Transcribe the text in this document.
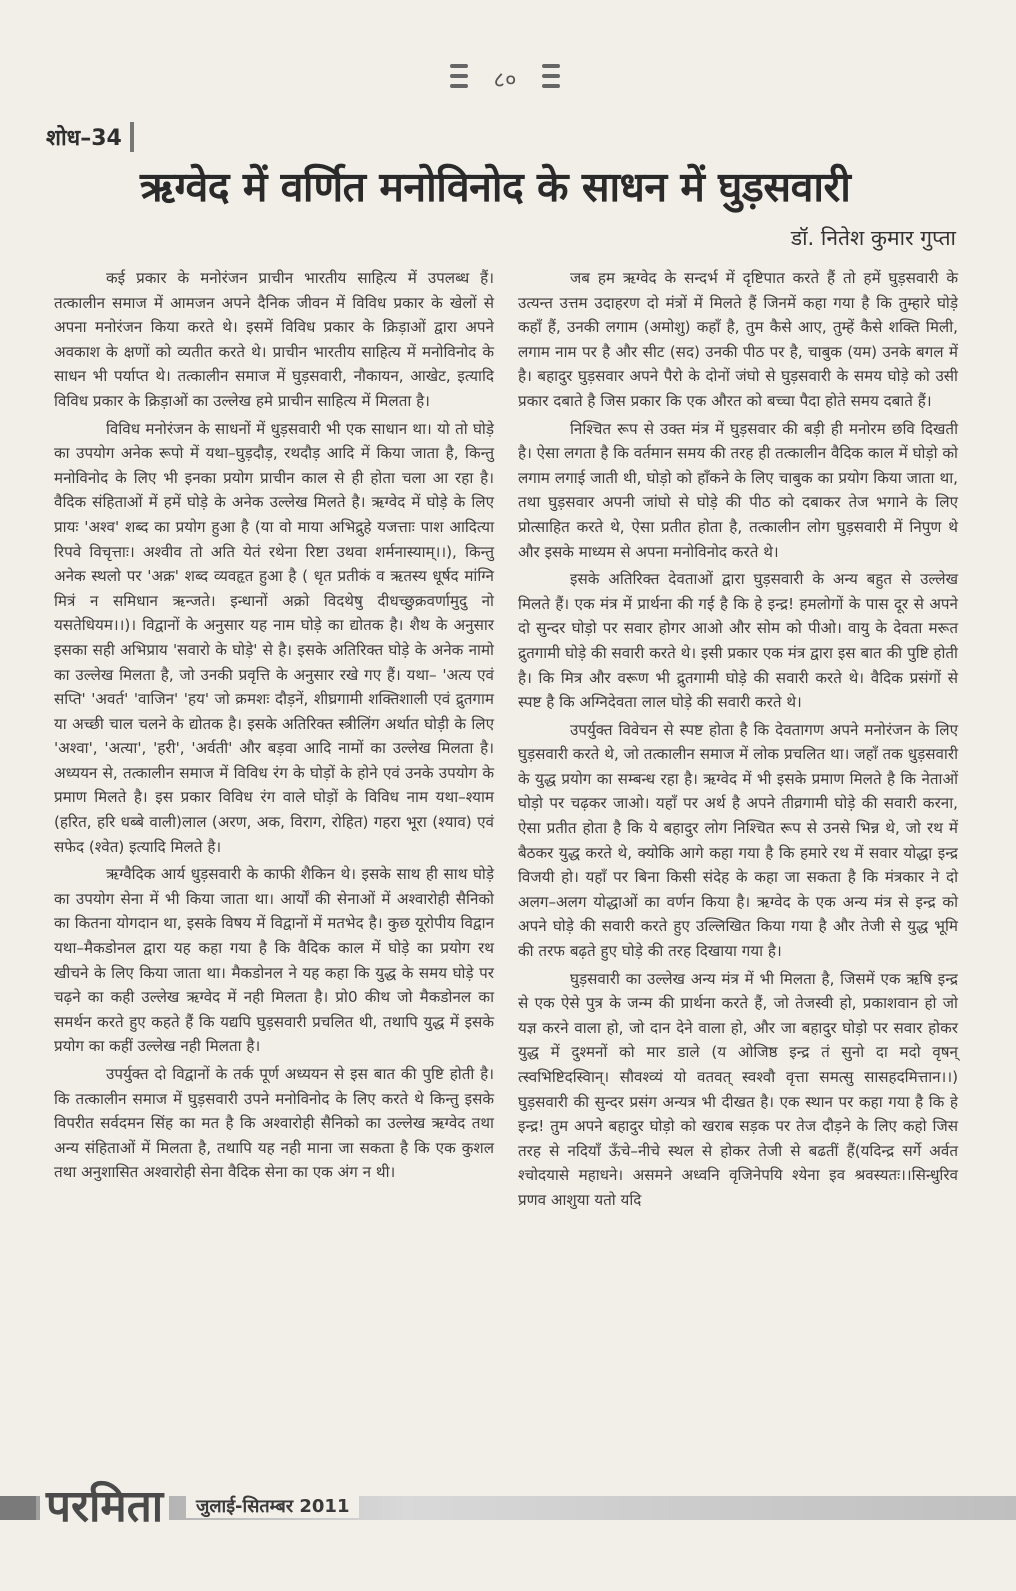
८०
शोध–34
ऋग्वेद में वर्णित मनोविनोद के साधन में घुड़सवारी
डॉ. नितेश कुमार गुप्ता

कई प्रकार के मनोरंजन प्राचीन भारतीय साहित्य में उपलब्ध हैं। तत्कालीन समाज में आमजन अपने दैनिक जीवन में विविध प्रकार के खेलों से अपना मनोरंजन किया करते थे। इसमें विविध प्रकार के क्रिड़ाओं द्वारा अपने अवकाश के क्षणों को व्यतीत करते थे। प्राचीन भारतीय साहित्य में मनोविनोद के साधन भी पर्याप्त थे। तत्कालीन समाज में घुड़सवारी, नौकायन, आखेट, इत्यादि विविध प्रकार के क्रिड़ाओं का उल्लेख हमे प्राचीन साहित्य में मिलता है।

विविध मनोरंजन के साधनों में धुड़सवारी भी एक साधान था। यो तो घोड़े का उपयोग अनेक रूपो में यथा–घुड़दौड़, रथदौड़ आदि में किया जाता है, किन्तु मनोविनोद के लिए भी इनका प्रयोग प्राचीन काल से ही होता चला आ रहा है। वैदिक संहिताओं में हमें घोड़े के अनेक उल्लेख मिलते है। ऋग्वेद में घोड़े के लिए प्रायः 'अश्व' शब्द का प्रयोग हुआ है (या वो माया अभिद्रुहे यजत्ताः पाश आदित्या रिपवे विचृत्ताः। अश्वीव तो अति येतं रथेना रिष्टा उथवा शर्मनास्याम्।।), किन्तु अनेक स्थलो पर 'अक्र' शब्द व्यवहृत हुआ है ( धृत प्रतीकं व ऋतस्य धूर्षद मांग्नि मित्रं न समिधान ऋन्जते। इन्धानों अक्रो विदथेषु दीधच्छुक्रवर्णामुदु नो यसतेधियम।।)। विद्वानों के अनुसार यह नाम घोड़े का द्योतक है। शैथ के अनुसार इसका सही अभिप्राय 'सवारो के घोड़े' से है। इसके अतिरिक्त घोड़े के अनेक नामो का उल्लेख मिलता है, जो उनकी प्रवृत्ति के अनुसार रखे गए हैं। यथा– 'अत्य एवं सप्ति' 'अवर्त' 'वाजिन' 'हय' जो क्रमशः दौड़नें, शीघ्रगामी शक्तिशाली एवं द्रुतगाम या अच्छी चाल चलने के द्योतक है। इसके अतिरिक्त स्त्रीलिंग अर्थात घोड़ी के लिए 'अश्वा', 'अत्या', 'हरी', 'अर्वती' और बड़वा आदि नामों का उल्लेख मिलता है। अध्ययन से, तत्कालीन समाज में विविध रंग के घोड़ों के होने एवं उनके उपयोग के प्रमाण मिलते है। इस प्रकार विविध रंग वाले घोड़ों के विविध नाम यथा–श्याम (हरित, हरि धब्बे वाली)लाल (अरण, अक, विराग, रोहित) गहरा भूरा (श्याव) एवं सफेद (श्वेत) इत्यादि मिलते है।

ऋग्वैदिक आर्य धुड़सवारी के काफी शैकिन थे। इसके साथ ही साथ घोड़े का उपयोग सेना में भी किया जाता था। आर्यों की सेनाओं में अश्वारोही सैनिको का कितना योगदान था, इसके विषय में विद्वानों में मतभेद है। कुछ यूरोपीय विद्वान यथा–मैकडोनल द्वारा यह कहा गया है कि वैदिक काल में घोड़े का प्रयोग रथ खीचने के लिए किया जाता था। मैकडोनल ने यह कहा कि युद्ध के समय घोड़े पर चढ़ने का कही उल्लेख ऋग्वेद में नही मिलता है। प्रो0 कीथ जो मैकडोनल का समर्थन करते हुए कहते हैं कि यद्यपि घुड़सवारी प्रचलित थी, तथापि युद्ध में इसके प्रयोग का कहीं उल्लेख नही मिलता है।

उपर्युक्त दो विद्वानों के तर्क पूर्ण अध्ययन से इस बात की पुष्टि होती है। कि तत्कालीन समाज में घुड़सवारी उपने मनोविनोद के लिए करते थे किन्तु इसके विपरीत सर्वदमन सिंह का मत है कि अश्वारोही सैनिको का उल्लेख ऋग्वेद तथा अन्य संहिताओं में मिलता है, तथापि यह नही माना जा सकता है कि एक कुशल तथा अनुशासित अश्वारोही सेना वैदिक सेना का एक अंग न थी।

जब हम ऋग्वेद के सन्दर्भ में दृष्टिपात करते हैं तो हमें घुड़सवारी के उत्यन्त उत्तम उदाहरण दो मंत्रों में मिलते हैं जिनमें कहा गया है कि तुम्हारे घोड़े कहाँ हैं, उनकी लगाम (अमोशु) कहाँ है, तुम कैसे आए, तुम्हें कैसे शक्ति मिली, लगाम नाम पर है और सीट (सद) उनकी पीठ पर है, चाबुक (यम) उनके बगल में है। बहादुर घुड़सवार अपने पैरो के दोनों जंघो से घुड़सवारी के समय घोड़े को उसी प्रकार दबाते है जिस प्रकार कि एक औरत को बच्चा पैदा होते समय दबाते हैं।

निश्चित रूप से उक्त मंत्र में घुड़सवार की बड़ी ही मनोरम छवि दिखती है। ऐसा लगता है कि वर्तमान समय की तरह ही तत्कालीन वैदिक काल में घोड़ो को लगाम लगाई जाती थी, घोड़ो को हाँकने के लिए चाबुक का प्रयोग किया जाता था, तथा घुड़सवार अपनी जांघो से घोड़े की पीठ को दबाकर तेज भगाने के लिए प्रोत्साहित करते थे, ऐसा प्रतीत होता है, तत्कालीन लोग घुड़सवारी में निपुण थे और इसके माध्यम से अपना मनोविनोद करते थे।

इसके अतिरिक्त देवताओं द्वारा घुड़सवारी के अन्य बहुत से उल्लेख मिलते हैं। एक मंत्र में प्रार्थना की गई है कि हे इन्द्र! हमलोगों के पास दूर से अपने दो सुन्दर घोड़ो पर सवार होगर आओ और सोम को पीओ। वायु के देवता मरूत द्रुतगामी घोड़े की सवारी करते थे। इसी प्रकार एक मंत्र द्वारा इस बात की पुष्टि होती है। कि मित्र और वरूण भी द्रुतगामी घोड़े की सवारी करते थे। वैदिक प्रसंगों से स्पष्ट है कि अग्निदेवता लाल घोड़े की सवारी करते थे।

उपर्युक्त विवेचन से स्पष्ट होता है कि देवतागण अपने मनोरंजन के लिए घुड़सवारी करते थे, जो तत्कालीन समाज में लोक प्रचलित था। जहाँ तक धुड़सवारी के युद्ध प्रयोग का सम्बन्ध रहा है। ऋग्वेद में भी इसके प्रमाण मिलते है कि नेताओं घोड़ो पर चढ़कर जाओ। यहाँ पर अर्थ है अपने तीव्रगामी घोड़े की सवारी करना, ऐसा प्रतीत होता है कि ये बहादुर लोग निश्चित रूप से उनसे भिन्न थे, जो रथ में बैठकर युद्ध करते थे, क्योकि आगे कहा गया है कि हमारे रथ में सवार योद्धा इन्द्र विजयी हो। यहाँ पर बिना किसी संदेह के कहा जा सकता है कि मंत्रकार ने दो अलग–अलग योद्धाओं का वर्णन किया है। ऋग्वेद के एक अन्य मंत्र से इन्द्र को अपने घोड़े की सवारी करते हुए उल्लिखित किया गया है और तेजी से युद्ध भूमि की तरफ बढ़ते हुए घोड़े की तरह दिखाया गया है।

घुड़सवारी का उल्लेख अन्य मंत्र में भी मिलता है, जिसमें एक ऋषि इन्द्र से एक ऐसे पुत्र के जन्म की प्रार्थना करते हैं, जो तेजस्वी हो, प्रकाशवान हो जो यज्ञ करने वाला हो, जो दान देने वाला हो, और जा बहादुर घोड़ो पर सवार होकर युद्ध में दुश्मनों को मार डाले (य ओजिष्ठ इन्द्र तं सुनो दा मदो वृषन् त्स्वभिष्टिदस्विान्। सौवश्व्यं यो वतवत् स्वश्वौ वृत्ता समत्सु सासहदमित्तान।।) घुड़सवारी की सुन्दर प्रसंग अन्यत्र भी दीखत है। एक स्थान पर कहा गया है कि हे इन्द्र! तुम अपने बहादुर घोड़ो को खराब सड़क पर तेज दौड़ने के लिए कहो जिस तरह से नदियाँ ऊँचे–नीचे स्थल से होकर तेजी से बढतीं हैं(यदिन्द्र सर्गे अर्वत श्चोदयासे महाधने। असमने अध्वनि वृजिनेपयि श्येना इव श्रवस्यतः।।सिन्धुरिव प्रणव आशुया यतो यदि

परमिता	जुलाई-सितम्बर 2011
